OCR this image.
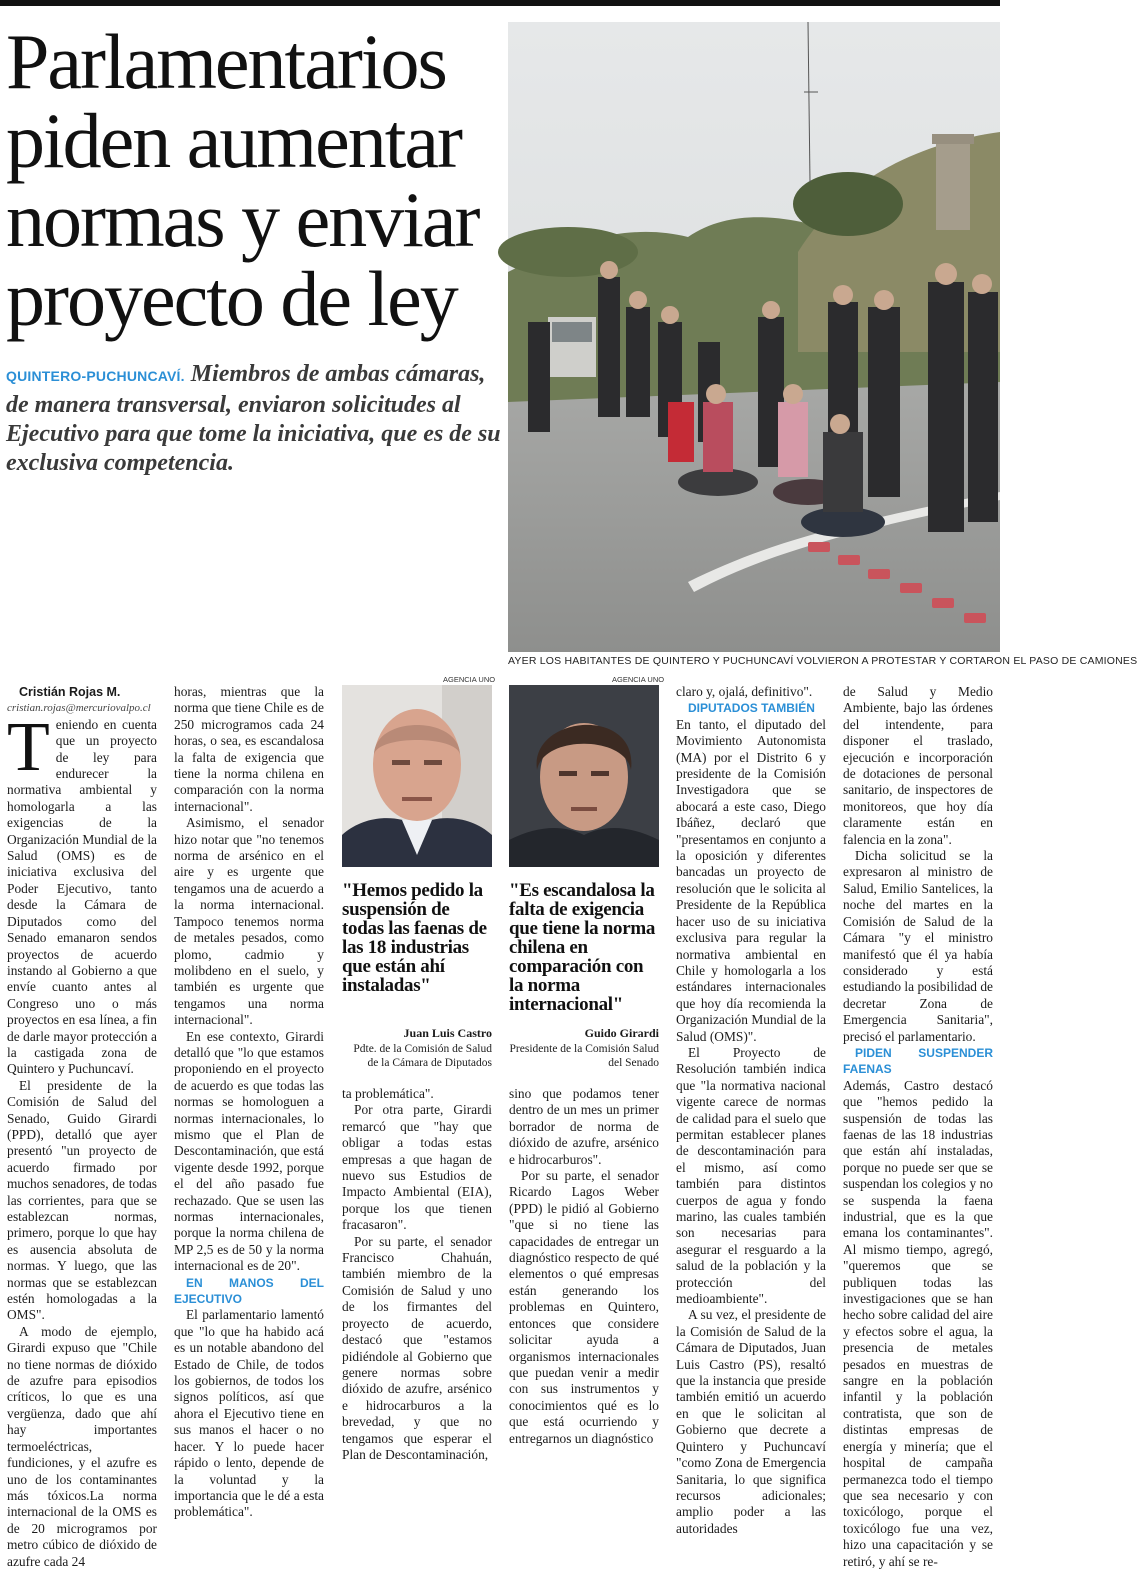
Parlamentarios
piden aumentar
normas y enviar
proyecto de ley
QUINTERO-PUCHUNCAVÍ. Miembros de ambas cámaras, de manera transversal, enviaron solicitudes al Ejecutivo para que tome la iniciativa, que es de su exclusiva competencia.
AYER LOS HABITANTES DE QUINTERO Y PUCHUNCAVÍ VOLVIERON A PROTESTAR Y CORTARON EL PASO DE CAMIONES

Cristián Rojas M.

cristian.rojas@mercuriovalpo.cl

Teniendo en cuenta que un proyecto de ley para endurecer la normativa ambiental y homologarla a las exigencias de la Organización Mundial de la Salud (OMS) es de iniciativa exclusiva del Poder Ejecutivo, tanto desde la Cámara de Diputados como del Senado emanaron sendos proyectos de acuerdo instando al Gobierno a que envíe cuanto antes al Congreso uno o más proyectos en esa línea, a fin de darle mayor protección a la castigada zona de Quintero y Puchuncaví.

El presidente de la Comisión de Salud del Senado, Guido Girardi (PPD), detalló que ayer presentó "un proyecto de acuerdo firmado por muchos senadores, de todas las corrientes, para que se establezcan normas, primero, porque lo que hay es ausencia absoluta de normas. Y luego, que las normas que se establezcan estén homologadas a la OMS".

A modo de ejemplo, Girardi expuso que "Chile no tiene normas de dióxido de azufre para episodios críticos, lo que es una vergüenza, dado que ahí hay importantes termoeléctricas, fundiciones, y el azufre es uno de los contaminantes más tóxicos.La norma internacional de la OMS es de 20 microgramos por metro cúbico de dióxido de azufre cada 24

horas, mientras que la norma que tiene Chile es de 250 microgramos cada 24 horas, o sea, es escandalosa la falta de exigencia que tiene la norma chilena en comparación con la norma internacional".

Asimismo, el senador hizo notar que "no tenemos norma de arsénico en el aire y es urgente que tengamos una de acuerdo a la norma internacional. Tampoco tenemos norma de metales pesados, como plomo, cadmio y molibdeno en el suelo, y también es urgente que tengamos una norma internacional".

En ese contexto, Girardi detalló que "lo que estamos proponiendo en el proyecto de acuerdo es que todas las normas se homologuen a normas internacionales, lo mismo que el Plan de Descontaminación, que está vigente desde 1992, porque el del año pasado fue rechazado. Que se usen las normas internacionales, porque la norma chilena de MP 2,5 es de 50 y la norma internacional es de 20".

EN MANOS DEL EJECUTIVO

El parlamentario lamentó que "lo que ha habido acá es un notable abandono del Estado de Chile, de todos los gobiernos, de todos los signos políticos, así que ahora el Ejecutivo tiene en sus manos el hacer o no hacer. Y lo puede hacer rápido o lento, depende de la voluntad y la importancia que le dé a esta problemática".

AGENCIA UNO
"Hemos pedido la suspensión de todas las faenas de las 18 industrias que están ahí instaladas"
Juan Luis Castro
Pdte. de la Comisión de Salud de la Cámara de Diputados

ta problemática".

Por otra parte, Girardi remarcó que "hay que obligar a todas estas empresas a que hagan de nuevo sus Estudios de Impacto Ambiental (EIA), porque los que tienen fracasaron".

Por su parte, el senador Francisco Chahuán, también miembro de la Comisión de Salud y uno de los firmantes del proyecto de acuerdo, destacó que "estamos pidiéndole al Gobierno que genere normas sobre dióxido de azufre, arsénico e hidrocarburos a la brevedad, y que no tengamos que esperar el Plan de Descontaminación,

AGENCIA UNO
"Es escandalosa la falta de exigencia que tiene la norma chilena en comparación con la norma internacional"
Guido Girardi
Presidente de la Comisión Salud del Senado

sino que podamos tener dentro de un mes un primer borrador de norma de dióxido de azufre, arsénico e hidrocarburos".

Por su parte, el senador Ricardo Lagos Weber (PPD) le pidió al Gobierno "que si no tiene las capacidades de entregar un diagnóstico respecto de qué elementos o qué empresas están generando los problemas en Quintero, entonces que considere solicitar ayuda a organismos internacionales que puedan venir a medir con sus instrumentos y conocimientos qué es lo que está ocurriendo y entregarnos un diagnóstico

claro y, ojalá, definitivo".

DIPUTADOS TAMBIÉN

En tanto, el diputado del Movimiento Autonomista (MA) por el Distrito 6 y presidente de la Comisión Investigadora que se abocará a este caso, Diego Ibáñez, declaró que "presentamos en conjunto a la oposición y diferentes bancadas un proyecto de resolución que le solicita al Presidente de la República hacer uso de su iniciativa exclusiva para regular la normativa ambiental en Chile y homologarla a los estándares internacionales que hoy día recomienda la Organización Mundial de la Salud (OMS)".

El Proyecto de Resolución también indica que "la normativa nacional vigente carece de normas de calidad para el suelo que permitan establecer planes de descontaminación para el mismo, así como también para distintos cuerpos de agua y fondo marino, las cuales también son necesarias para asegurar el resguardo a la salud de la población y la protección del medioambiente".

A su vez, el presidente de la Comisión de Salud de la Cámara de Diputados, Juan Luis Castro (PS), resaltó que la instancia que preside también emitió un acuerdo en que le solicitan al Gobierno que decrete a Quintero y Puchuncaví "como Zona de Emergencia Sanitaria, lo que significa recursos adicionales; amplio poder a las autoridades

de Salud y Medio Ambiente, bajo las órdenes del intendente, para disponer el traslado, ejecución e incorporación de dotaciones de personal sanitario, de inspectores de monitoreos, que hoy día claramente están en falencia en la zona".

Dicha solicitud se la expresaron al ministro de Salud, Emilio Santelices, la noche del martes en la Comisión de Salud de la Cámara "y el ministro manifestó que él ya había considerado y está estudiando la posibilidad de decretar Zona de Emergencia Sanitaria", precisó el parlamentario.

PIDEN SUSPENDER FAENAS

Además, Castro destacó que "hemos pedido la suspensión de todas las faenas de las 18 industrias que están ahí instaladas, porque no puede ser que se suspendan los colegios y no se suspenda la faena industrial, que es la que emana los contaminantes". Al mismo tiempo, agregó, "queremos que se publiquen todas las investigaciones que se han hecho sobre calidad del aire y efectos sobre el agua, la presencia de metales pesados en muestras de sangre en la población infantil y la población contratista, que son de distintas empresas de energía y minería; que el hospital de campaña permanezca todo el tiempo que sea necesario y con toxicólogo, porque el toxicólogo fue una vez, hizo una capacitación y se retiró, y ahí se re-
